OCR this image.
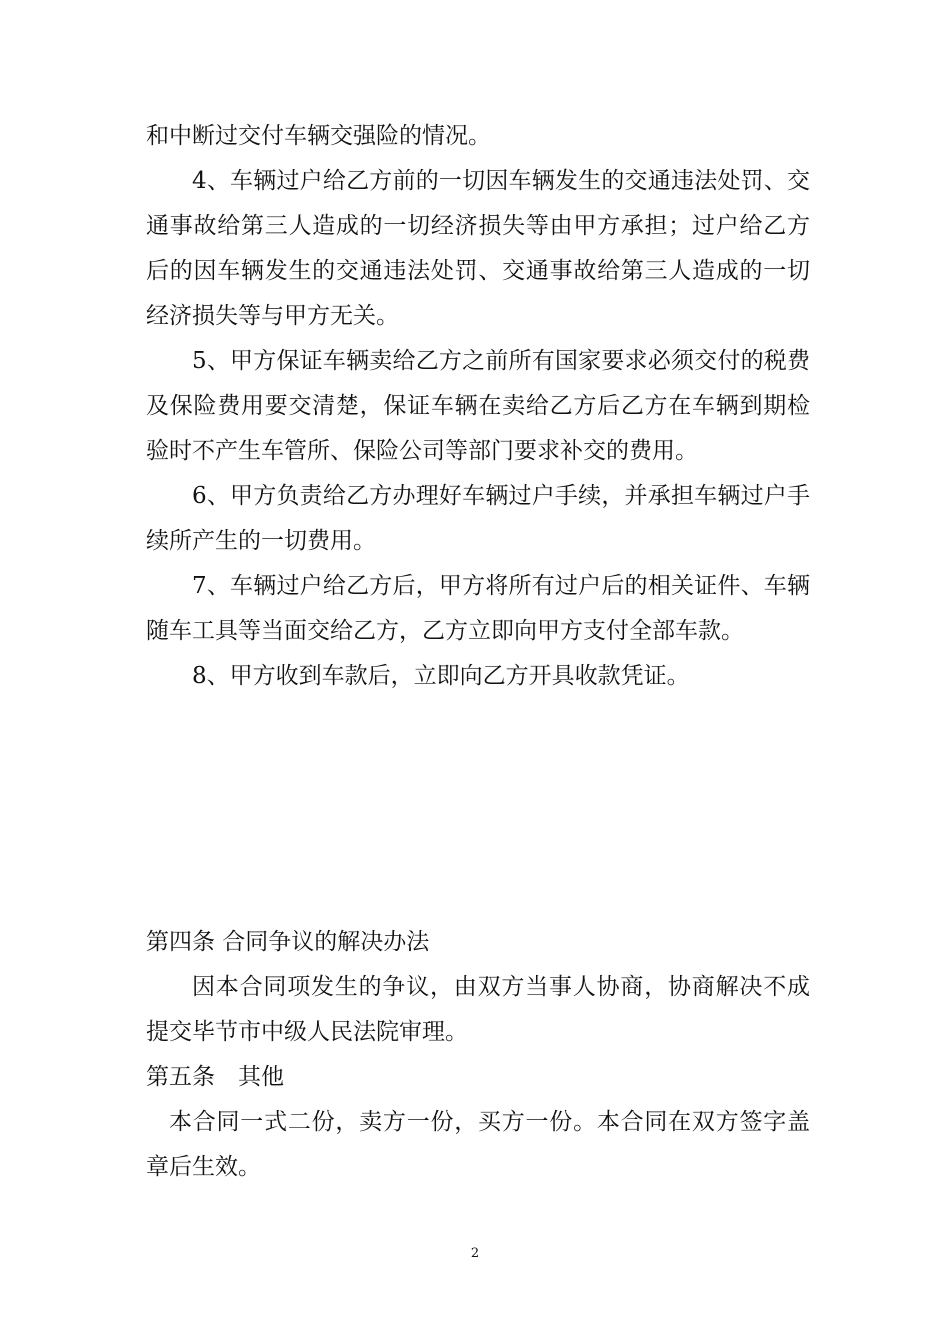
和中断过交付车辆交强险的情况。

4、车辆过户给乙方前的一切因车辆发生的交通违法处罚、交通事故给第三人造成的一切经济损失等由甲方承担；过户给乙方后的因车辆发生的交通违法处罚、交通事故给第三人造成的一切经济损失等与甲方无关。

5、甲方保证车辆卖给乙方之前所有国家要求必须交付的税费及保险费用要交清楚，保证车辆在卖给乙方后乙方在车辆到期检验时不产生车管所、保险公司等部门要求补交的费用。

6、甲方负责给乙方办理好车辆过户手续，并承担车辆过户手续所产生的一切费用。

7、车辆过户给乙方后，甲方将所有过户后的相关证件、车辆随车工具等当面交给乙方，乙方立即向甲方支付全部车款。

8、甲方收到车款后，立即向乙方开具收款凭证。

第四条 合同争议的解决办法

因本合同项发生的争议，由双方当事人协商，协商解决不成提交毕节市中级人民法院审理。

第五条　其他

本合同一式二份，卖方一份，买方一份。本合同在双方签字盖章后生效。

2
